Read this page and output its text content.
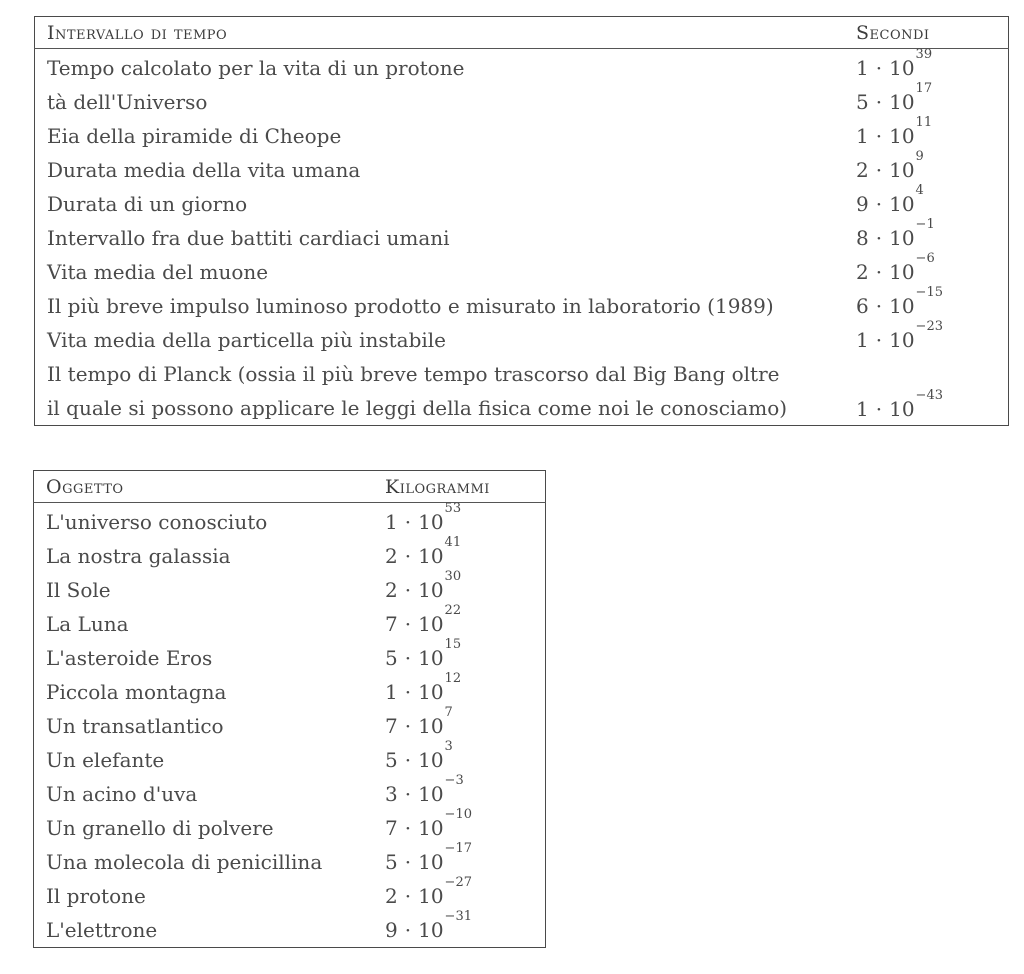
Intervallo di tempo	Secondi
Tempo calcolato per la vita di un protone	$1 \cdot 10^{39}$
tà dell'Universo	$5 \cdot 10^{17}$
Eia della piramide di Cheope	$1 \cdot 10^{11}$
Durata media della vita umana	$2 \cdot 10^9$
Durata di un giorno	$9 \cdot 10^4$
Intervallo fra due battiti cardiaci umani	$8 \cdot 10^{-1}$
Vita media del muone	$2 \cdot 10^{-6}$
Il più breve impulso luminoso prodotto e misurato in laboratorio (1989)	$6 \cdot 10^{-15}$
Vita media della particella più instabile	$1 \cdot 10^{-23}$

Il tempo di Planck (ossia il più breve tempo trascorso dal Big Bang oltre
il quale si possono applicare le leggi della fisica come noi le conosciamo)	$1 \cdot 10^{-43}$
Oggetto	Kilogrammi
L'universo conosciuto	$1 \cdot 10^{53}$
La nostra galassia	$2 \cdot 10^{41}$
Il Sole	$2 \cdot 10^{30}$
La Luna	$7 \cdot 10^{22}$
L'asteroide Eros	$5 \cdot 10^{15}$
Piccola montagna	$1 \cdot 10^{12}$
Un transatlantico	$7 \cdot 10^7$
Un elefante	$5 \cdot 10^3$
Un acino d'uva	$3 \cdot 10^{-3}$
Un granello di polvere	$7 \cdot 10^{-10}$
Una molecola di penicillina	$5 \cdot 10^{-17}$
Il protone	$2 \cdot 10^{-27}$
L'elettrone	$9 \cdot 10^{-31}$
